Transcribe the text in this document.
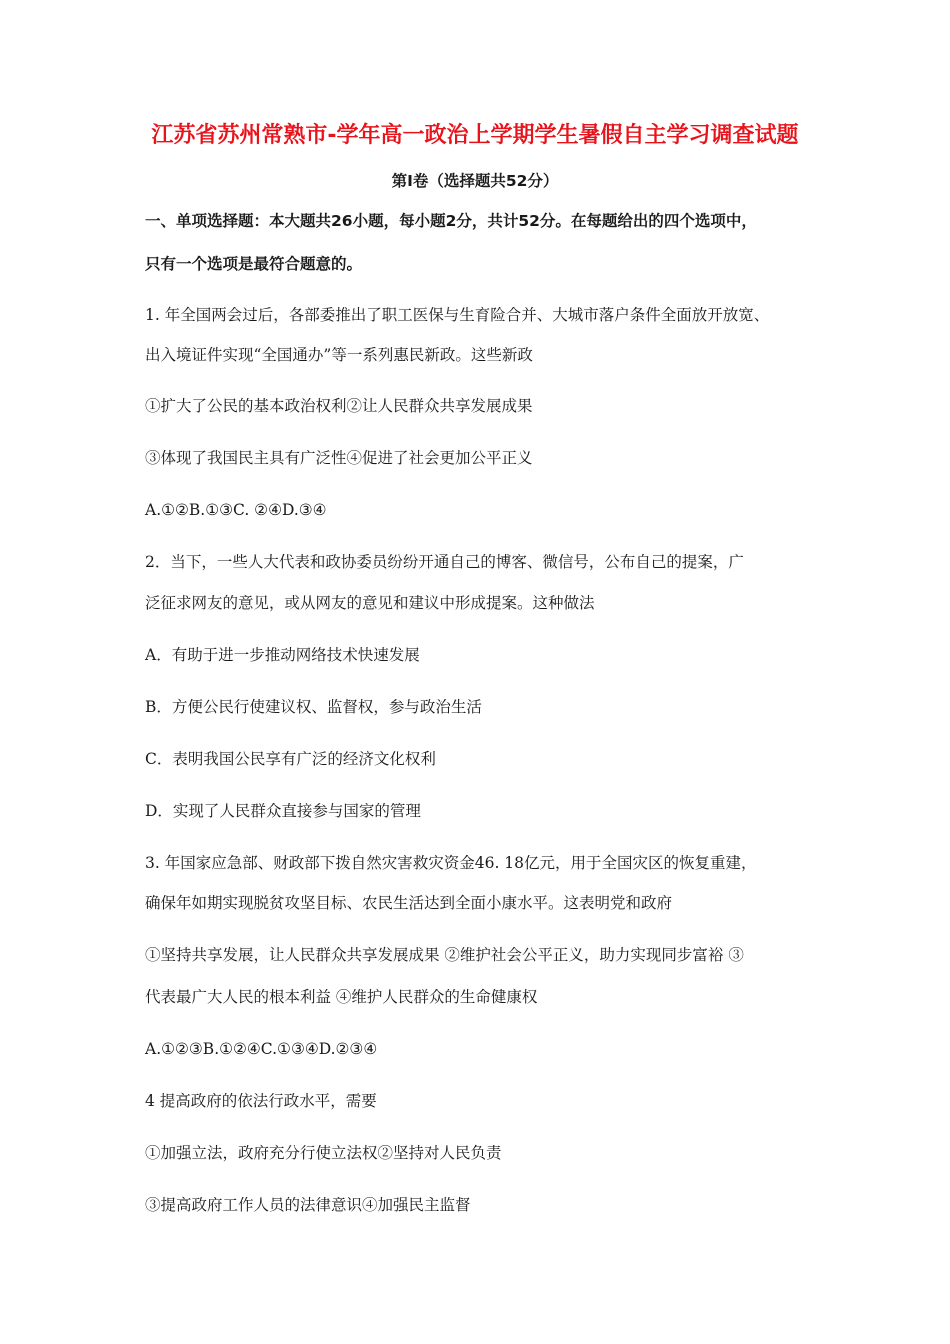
江苏省苏州常熟市-学年高一政治上学期学生暑假自主学习调查试题
第Ⅰ卷（选择题共52分）
一、单项选择题：本大题共26小题，每小题2分，共计52分。在每题给出的四个选项中，
只有一个选项是最符合题意的。
1. 年全国两会过后，各部委推出了职工医保与生育险合并、大城市落户条件全面放开放宽、
出入境证件实现“全国通办”等一系列惠民新政。这些新政
①扩大了公民的基本政治权利②让人民群众共享发展成果
③体现了我国民主具有广泛性④促进了社会更加公平正义
A.①②B.①③C. ②④D.③④
2．当下，一些人大代表和政协委员纷纷开通自己的博客、微信号，公布自己的提案，广
泛征求网友的意见，或从网友的意见和建议中形成提案。这种做法
A．有助于进一步推动网络技术快速发展
B．方便公民行使建议权、监督权，参与政治生活
C．表明我国公民享有广泛的经济文化权利
D．实现了人民群众直接参与国家的管理
3. 年国家应急部、财政部下拨自然灾害救灾资金46. 18亿元，用于全国灾区的恢复重建，
确保年如期实现脱贫攻坚目标、农民生活达到全面小康水平。这表明党和政府
①坚持共享发展，让人民群众共享发展成果 ②维护社会公平正义，助力实现同步富裕 ③
代表最广大人民的根本利益 ④维护人民群众的生命健康权
A.①②③B.①②④C.①③④D.②③④
4 提高政府的依法行政水平，需要
①加强立法，政府充分行使立法权②坚持对人民负责
③提高政府工作人员的法律意识④加强民主监督
